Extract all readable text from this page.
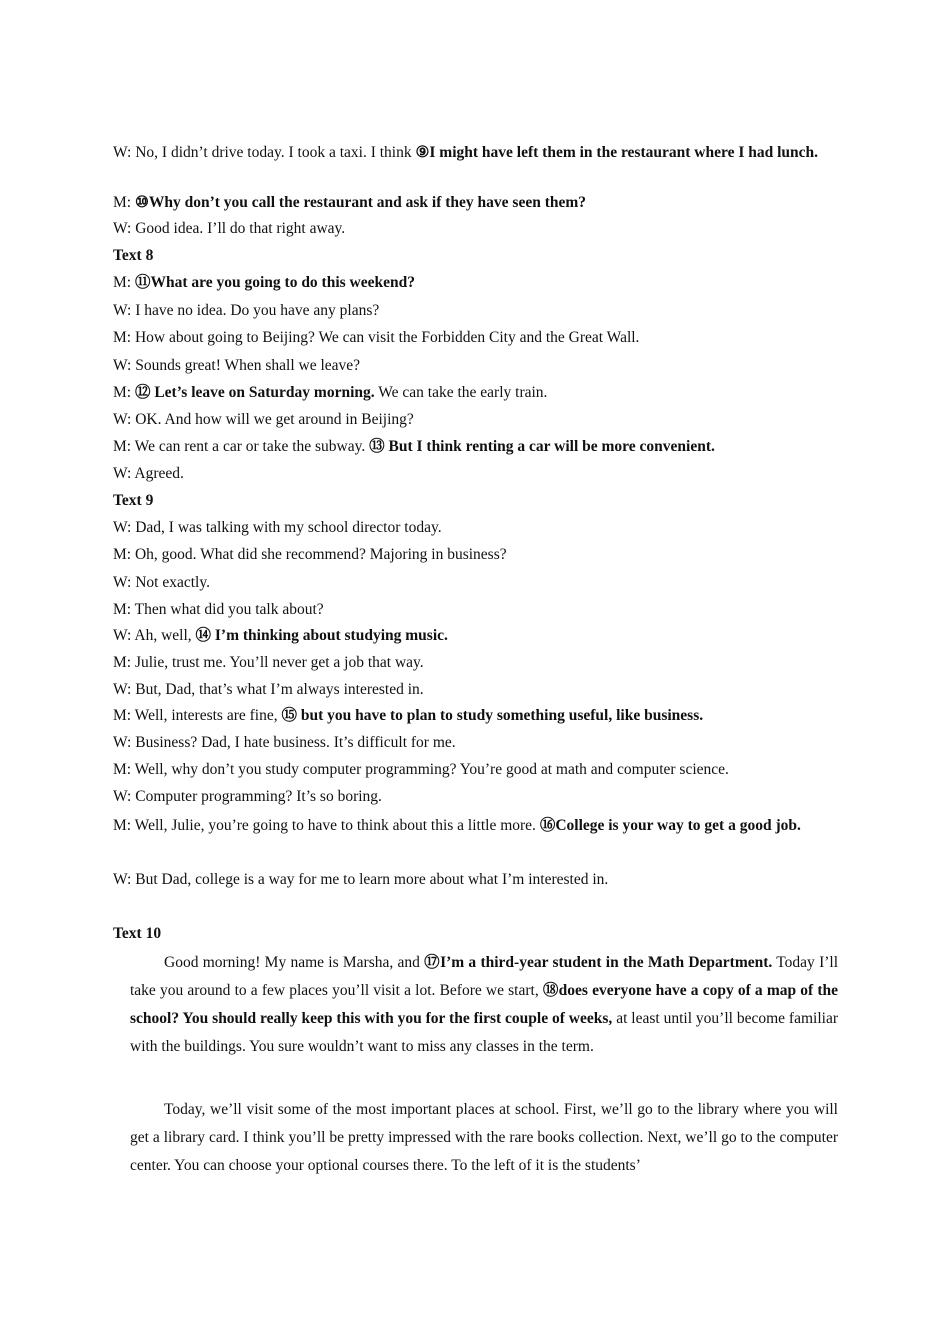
W: No, I didn’t drive today. I took a taxi. I think ⑨I might have left them in the restaurant where I had lunch.
M: ⑩Why don’t you call the restaurant and ask if they have seen them?
W: Good idea. I’ll do that right away.
Text 8
M: ⑪What are you going to do this weekend?
W: I have no idea. Do you have any plans?
M: How about going to Beijing? We can visit the Forbidden City and the Great Wall.
W: Sounds great! When shall we leave?
M: ⑫ Let’s leave on Saturday morning. We can take the early train.
W: OK. And how will we get around in Beijing?
M: We can rent a car or take the subway. ⑬ But I think renting a car will be more convenient.
W: Agreed.
Text 9
W: Dad, I was talking with my school director today.
M: Oh, good. What did she recommend? Majoring in business?
W: Not exactly.
M: Then what did you talk about?
W: Ah, well, ⑭ I’m thinking about studying music.
M: Julie, trust me. You’ll never get a job that way.
W: But, Dad, that’s what I’m always interested in.
M: Well, interests are fine, ⑮ but you have to plan to study something useful, like business.
W: Business? Dad, I hate business. It’s difficult for me.
M: Well, why don’t you study computer programming? You’re good at math and computer science.
W: Computer programming? It’s so boring.
M: Well, Julie, you’re going to have to think about this a little more. ⑯College is your way to get a good job.
W: But Dad, college is a way for me to learn more about what I’m interested in.
Text 10
Good morning! My name is Marsha, and ⑰I’m a third-year student in the Math Department. Today I’ll take you around to a few places you’ll visit a lot. Before we start, ⑱does everyone have a copy of a map of the school? You should really keep this with you for the first couple of weeks, at least until you’ll become familiar with the buildings. You sure wouldn’t want to miss any classes in the term.
Today, we’ll visit some of the most important places at school. First, we’ll go to the library where you will get a library card. I think you’ll be pretty impressed with the rare books collection. Next, we’ll go to the computer center. You can choose your optional courses there. To the left of it is the students’
